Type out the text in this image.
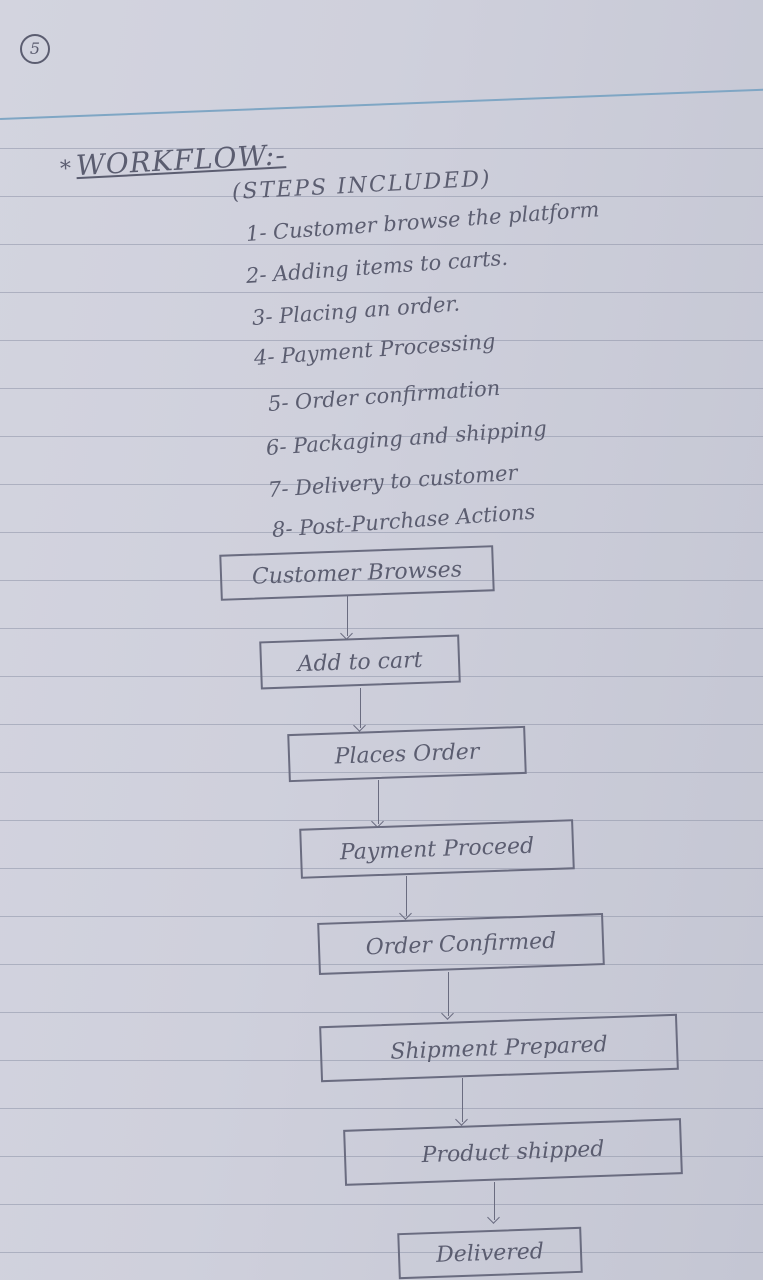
5
*WORKFLOW:-
(STEPS INCLUDED)
1- Customer browse the platform
2- Adding items to carts.
3- Placing an order.
4- Payment Processing
5- Order confirmation
6- Packaging and shipping
7- Delivery to customer
8- Post-Purchase Actions
Customer Browses
Add to cart
Places Order
Payment Proceed
Order Confirmed
Shipment Prepared
Product shipped
Delivered
